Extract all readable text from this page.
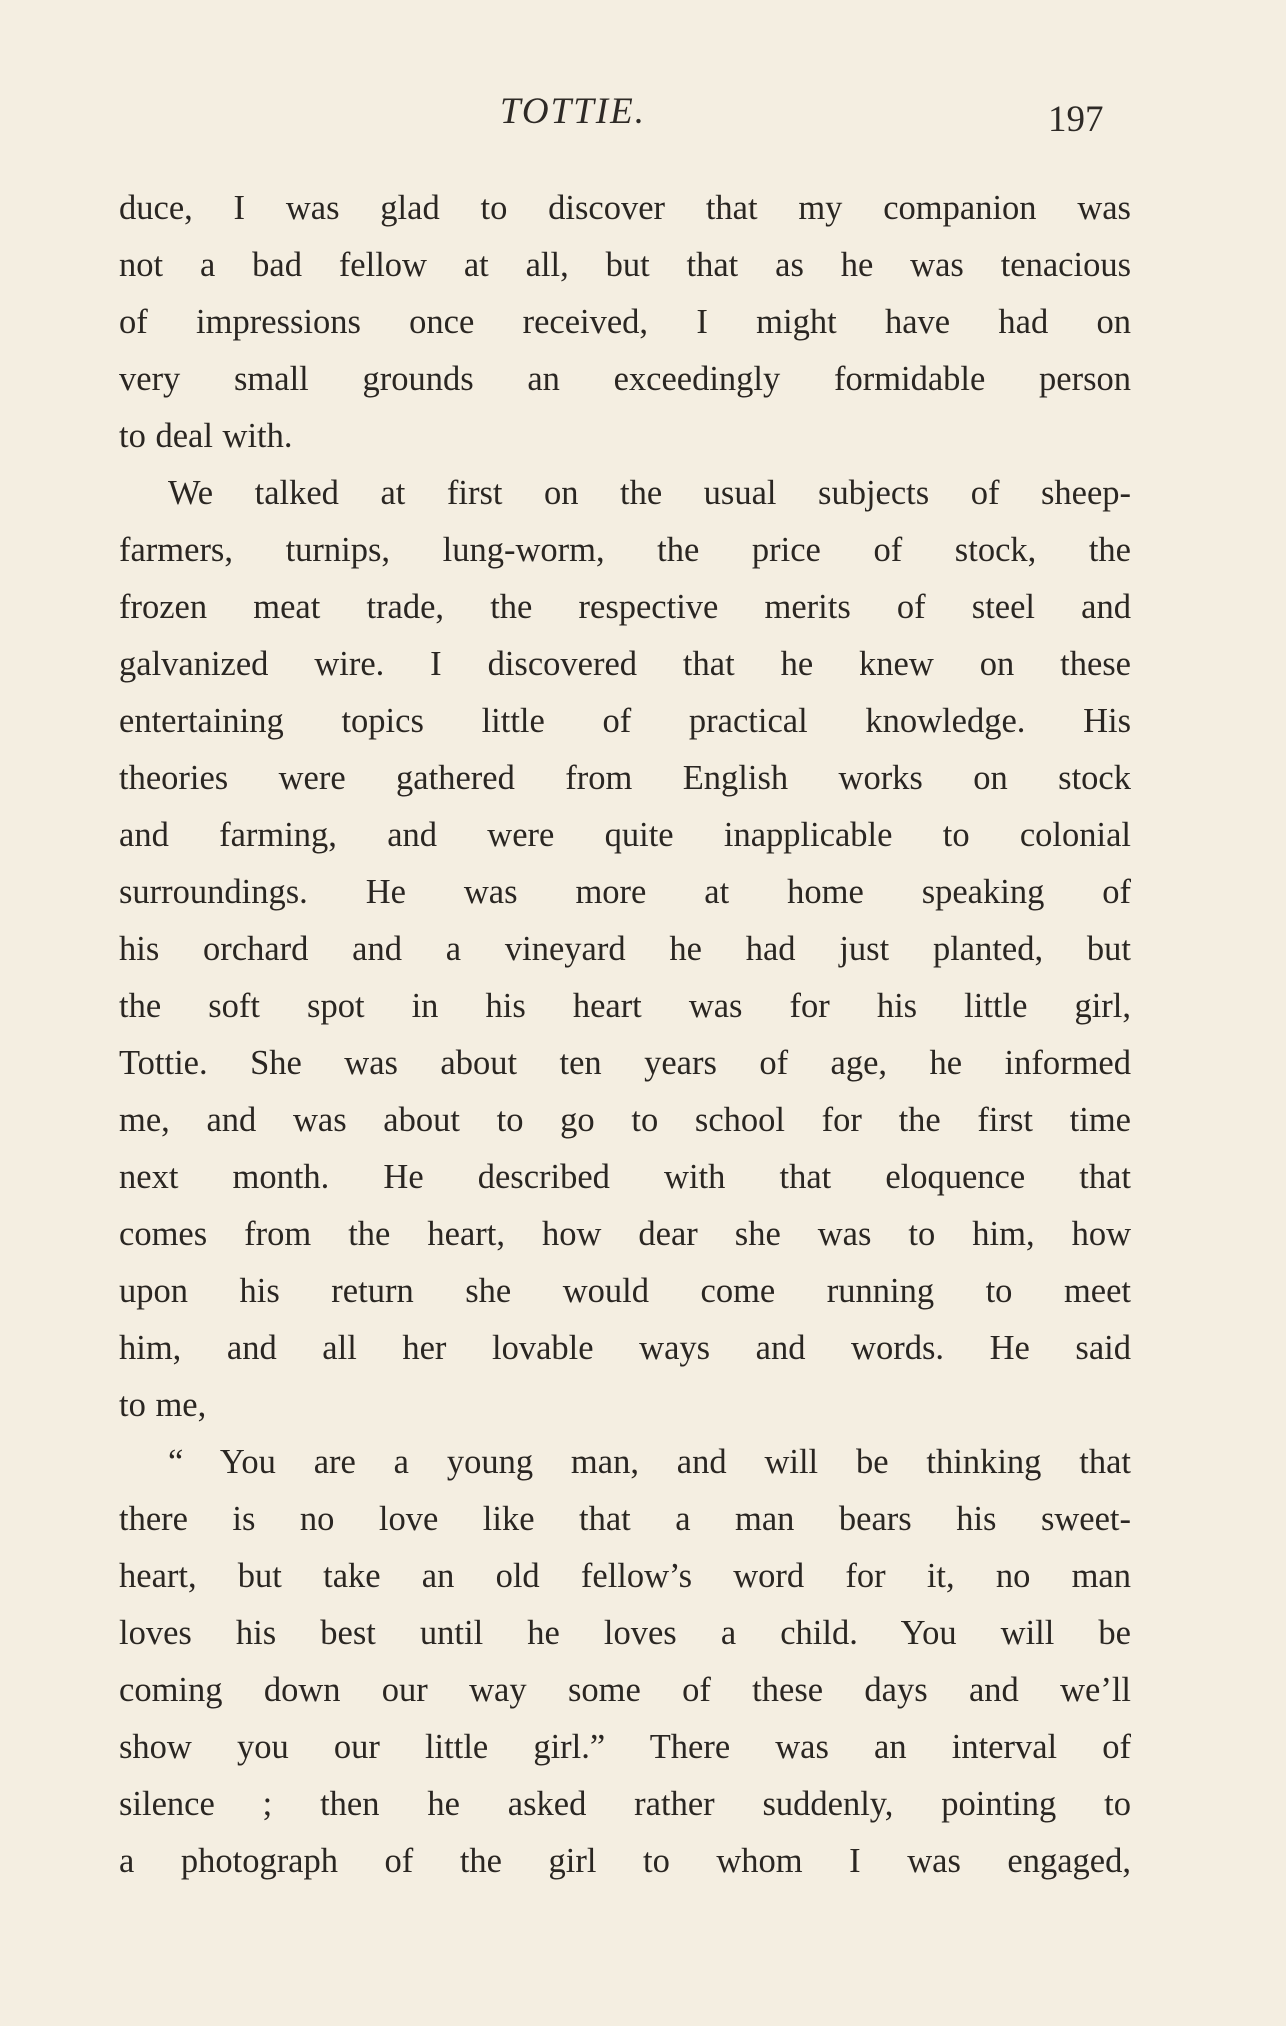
TOTTIE.	197
duce, I was glad to discover that my companion was
not a bad fellow at all, but that as he was tenacious
of impressions once received, I might have had on
very small grounds an exceedingly formidable person
to deal with.
We talked at first on the usual subjects of sheep-
farmers, turnips, lung-worm, the price of stock, the
frozen meat trade, the respective merits of steel and
galvanized wire. I discovered that he knew on these
entertaining topics little of practical knowledge. His
theories were gathered from English works on stock
and farming, and were quite inapplicable to colonial
surroundings. He was more at home speaking of
his orchard and a vineyard he had just planted, but
the soft spot in his heart was for his little girl,
Tottie. She was about ten years of age, he informed
me, and was about to go to school for the first time
next month. He described with that eloquence that
comes from the heart, how dear she was to him, how
upon his return she would come running to meet
him, and all her lovable ways and words. He said
to me,
“ You are a young man, and will be thinking that
there is no love like that a man bears his sweet-
heart, but take an old fellow’s word for it, no man
loves his best until he loves a child. You will be
coming down our way some of these days and we’ll
show you our little girl.” There was an interval of
silence ; then he asked rather suddenly, pointing to
a photograph of the girl to whom I was engaged,
